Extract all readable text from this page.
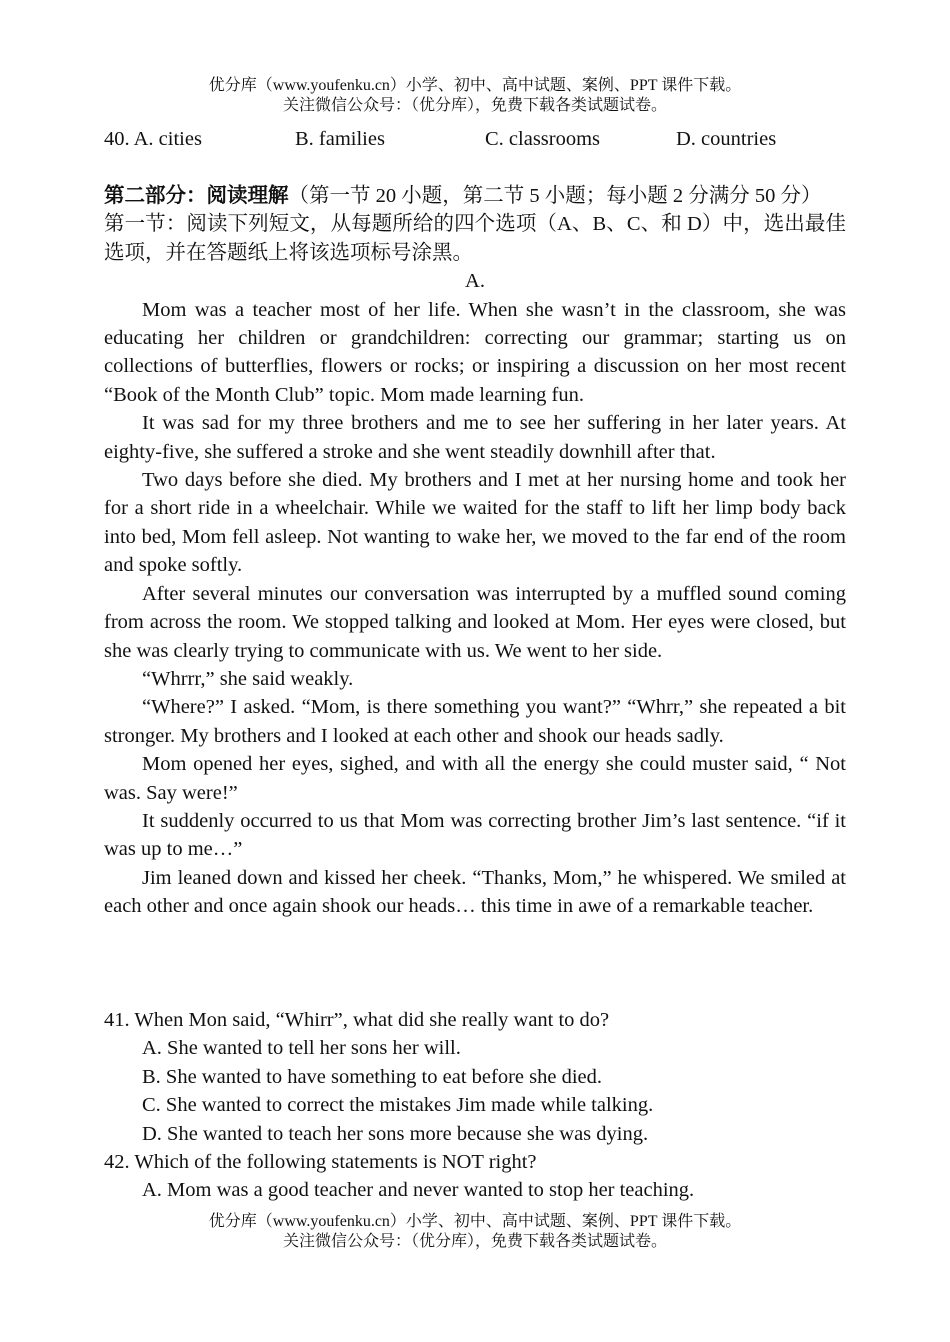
优分库（www.youfenku.cn）小学、初中、高中试题、案例、PPT 课件下载。
关注微信公众号：（优分库），免费下载各类试题试卷。
40. A. cities	B. families	C. classrooms	D. countries

第二部分：阅读理解（第一节 20 小题，第二节 5 小题；每小题 2 分满分 50 分）

第一节：阅读下列短文，从每题所给的四个选项（A、B、C、和 D）中，选出最佳选项，并在答题纸上将该选项标号涂黑。

A.

Mom was a teacher most of her life. When she wasn’t in the classroom, she was educating her children or grandchildren: correcting our grammar; starting us on collections of butterflies, flowers or rocks; or inspiring a discussion on her most recent “Book of the Month Club” topic. Mom made learning fun.

It was sad for my three brothers and me to see her suffering in her later years. At eighty-five, she suffered a stroke and she went steadily downhill after that.

Two days before she died. My brothers and I met at her nursing home and took her for a short ride in a wheelchair. While we waited for the staff to lift her limp body back into bed, Mom fell asleep. Not wanting to wake her, we moved to the far end of the room and spoke softly.

After several minutes our conversation was interrupted by a muffled sound coming from across the room. We stopped talking and looked at Mom. Her eyes were closed, but she was clearly trying to communicate with us. We went to her side.

“Whrrr,” she said weakly.

“Where?” I asked. “Mom, is there something you want?” “Whrr,” she repeated a bit stronger. My brothers and I looked at each other and shook our heads sadly.

Mom opened her eyes, sighed, and with all the energy she could muster said, “ Not was. Say were!”

It suddenly occurred to us that Mom was correcting brother Jim’s last sentence. “if it was up to me…”

Jim leaned down and kissed her cheek. “Thanks, Mom,” he whispered. We smiled at each other and once again shook our heads… this time in awe of a remarkable teacher.

41. When Mon said, “Whirr”, what did she really want to do?

A. She wanted to tell her sons her will.

B. She wanted to have something to eat before she died.

C. She wanted to correct the mistakes Jim made while talking.

D. She wanted to teach her sons more because she was dying.

42. Which of the following statements is NOT right?

A. Mom was a good teacher and never wanted to stop her teaching.

优分库（www.youfenku.cn）小学、初中、高中试题、案例、PPT 课件下载。
关注微信公众号：（优分库），免费下载各类试题试卷。
